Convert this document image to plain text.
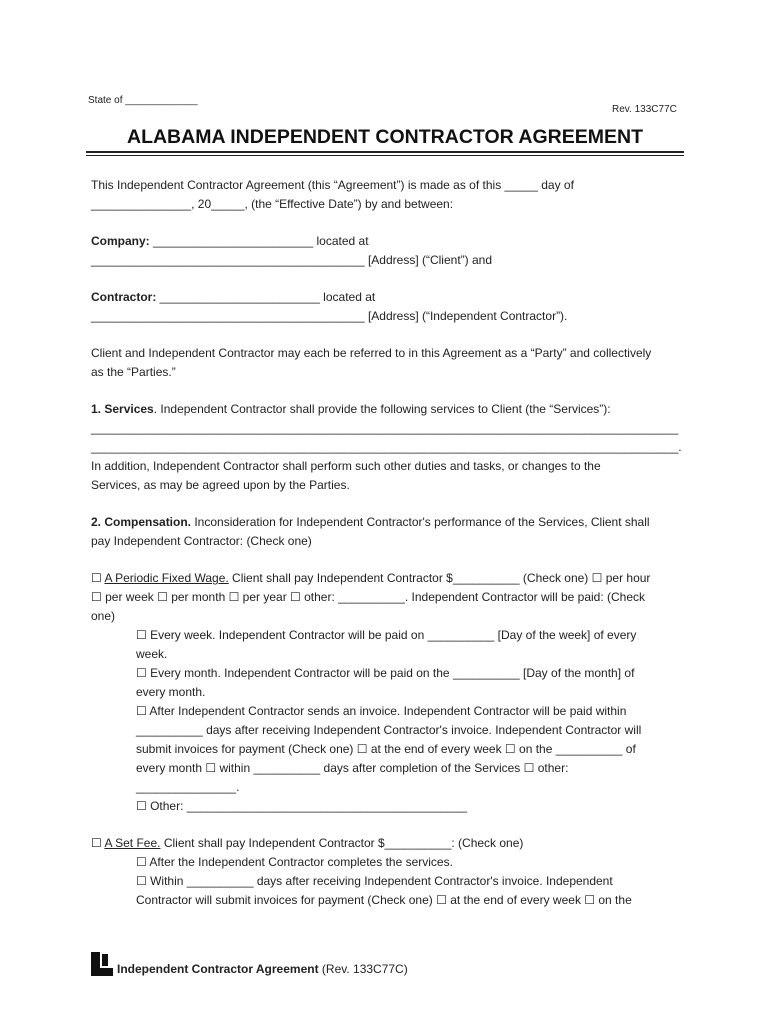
State of _____________
Rev. 133C77C
ALABAMA INDEPENDENT CONTRACTOR AGREEMENT

This Independent Contractor Agreement (this “Agreement”) is made as of this _____ day of

_______________, 20_____, (the “Effective Date”) by and between:

Company: ________________________ located at

_________________________________________ [Address] (“Client”) and

Contractor: ________________________ located at

_________________________________________ [Address] (“Independent Contractor”).

Client and Independent Contractor may each be referred to in this Agreement as a “Party” and collectively

as the “Parties.”

1. Services. Independent Contractor shall provide the following services to Client (the “Services”):

________________________________________________________________________________________

________________________________________________________________________________________.

In addition, Independent Contractor shall perform such other duties and tasks, or changes to the

Services, as may be agreed upon by the Parties.

2. Compensation. Inconsideration for Independent Contractor's performance of the Services, Client shall

pay Independent Contractor: (Check one)

☐ A Periodic Fixed Wage. Client shall pay Independent Contractor $__________ (Check one) ☐ per hour

☐ per week ☐ per month ☐ per year ☐ other: __________. Independent Contractor will be paid: (Check

one)

☐ Every week. Independent Contractor will be paid on __________ [Day of the week] of every

week.

☐ Every month. Independent Contractor will be paid on the __________ [Day of the month] of

every month.

☐ After Independent Contractor sends an invoice. Independent Contractor will be paid within

__________ days after receiving Independent Contractor's invoice. Independent Contractor will

submit invoices for payment (Check one) ☐ at the end of every week ☐ on the __________ of

every month ☐ within __________ days after completion of the Services ☐ other:

_______________.

☐ Other: __________________________________________

☐ A Set Fee. Client shall pay Independent Contractor $__________: (Check one)

☐ After the Independent Contractor completes the services.

☐ Within __________ days after receiving Independent Contractor's invoice. Independent

Contractor will submit invoices for payment (Check one) ☐ at the end of every week ☐ on the

Independent Contractor Agreement (Rev. 133C77C)
